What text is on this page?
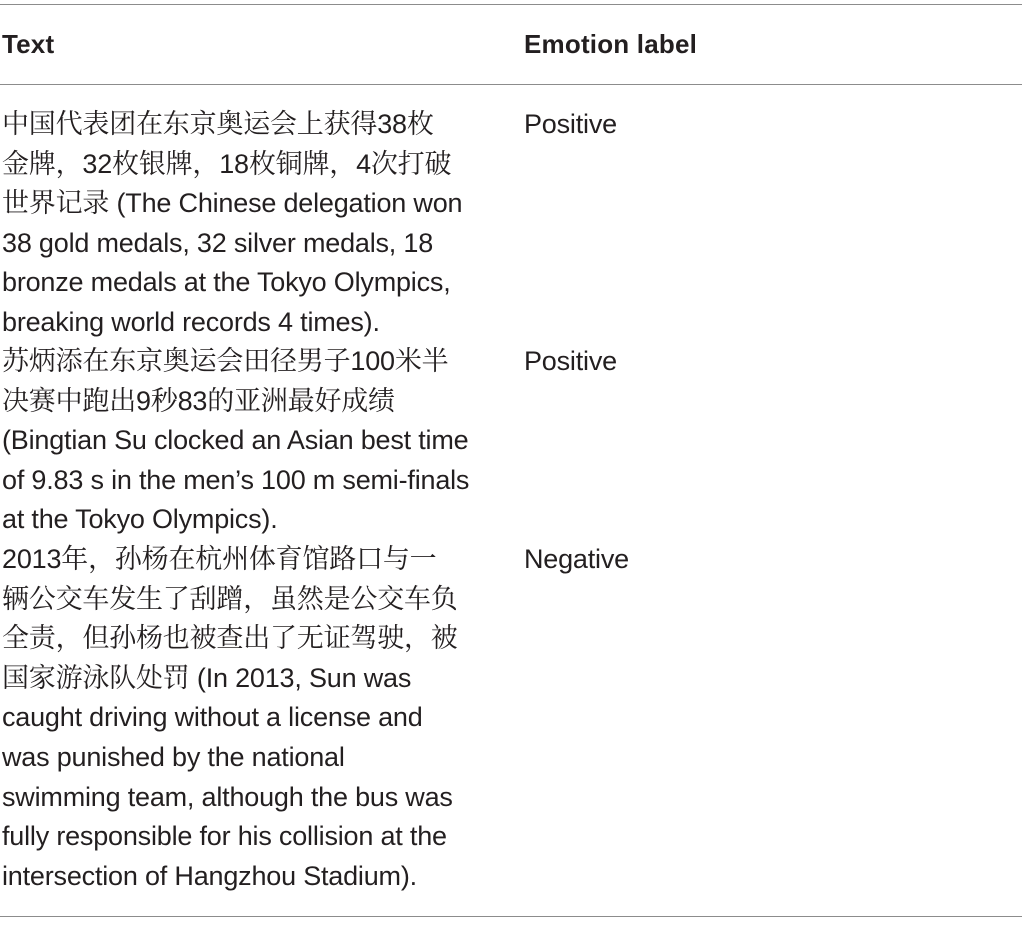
Text	Emotion label
中国代表团在东京奥运会上获得38枚
金牌，32枚银牌，18枚铜牌，4次打破
世界记录 (The Chinese delegation won
38 gold medals, 32 silver medals, 18
bronze medals at the Tokyo Olympics,
breaking world records 4 times).
Positive
苏炳添在东京奥运会田径男子100米半
决赛中跑出9秒83的亚洲最好成绩
(Bingtian Su clocked an Asian best time
of 9.83 s in the men’s 100 m semi-finals
at the Tokyo Olympics).
Positive
2013年，孙杨在杭州体育馆路口与一
辆公交车发生了刮蹭，虽然是公交车负
全责，但孙杨也被查出了无证驾驶，被
国家游泳队处罚 (In 2013, Sun was
caught driving without a license and
was punished by the national
swimming team, although the bus was
fully responsible for his collision at the
intersection of Hangzhou Stadium).
Negative
